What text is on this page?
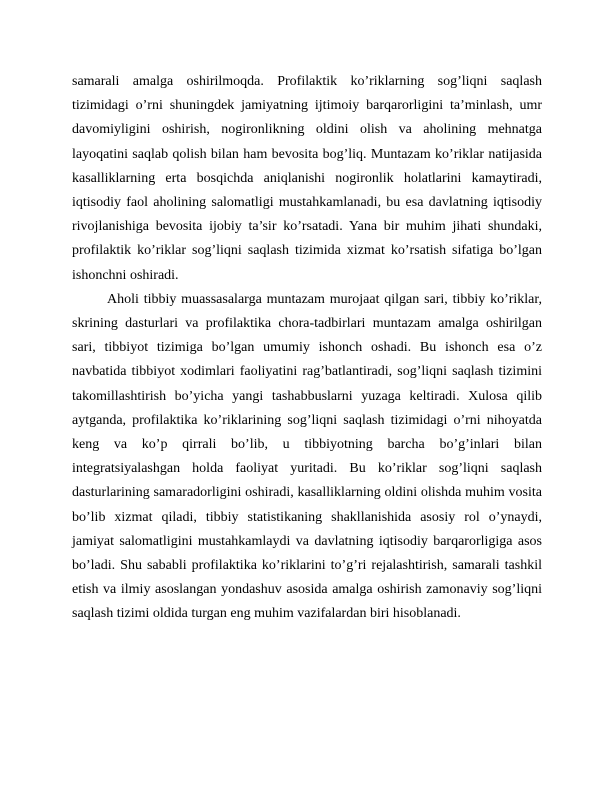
samarali amalga oshirilmoqda. Profilaktik ko’riklarning sog’liqni saqlash tizimidagi o’rni shuningdek jamiyatning ijtimoiy barqarorligini ta’minlash, umr davomiyligini oshirish, nogironlikning oldini olish va aholining mehnatga layoqatini saqlab qolish bilan ham bevosita bog’liq. Muntazam ko’riklar natijasida kasalliklarning erta bosqichda aniqlanishi nogironlik holatlarini kamaytiradi, iqtisodiy faol aholining salomatligi mustahkamlanadi, bu esa davlatning iqtisodiy rivojlanishiga bevosita ijobiy ta’sir ko’rsatadi. Yana bir muhim jihati shundaki, profilaktik ko’riklar sog’liqni saqlash tizimida xizmat ko’rsatish sifatiga bo’lgan ishonchni oshiradi.

Aholi tibbiy muassasalarga muntazam murojaat qilgan sari, tibbiy ko’riklar, skrining dasturlari va profilaktika chora-tadbirlari muntazam amalga oshirilgan sari, tibbiyot tizimiga bo’lgan umumiy ishonch oshadi. Bu ishonch esa o’z navbatida tibbiyot xodimlari faoliyatini rag’batlantiradi, sog’liqni saqlash tizimini takomillashtirish bo’yicha yangi tashabbuslarni yuzaga keltiradi. Xulosa qilib aytganda, profilaktika ko’riklarining sog’liqni saqlash tizimidagi o’rni nihoyatda keng va ko’p qirrali bo’lib, u tibbiyotning barcha bo’g’inlari bilan integratsiyalashgan holda faoliyat yuritadi. Bu ko’riklar sog’liqni saqlash dasturlarining samaradorligini oshiradi, kasalliklarning oldini olishda muhim vosita bo’lib xizmat qiladi, tibbiy statistikaning shakllanishida asosiy rol o’ynaydi, jamiyat salomatligini mustahkamlaydi va davlatning iqtisodiy barqarorligiga asos bo’ladi. Shu sababli profilaktika ko’riklarini to’g’ri rejalashtirish, samarali tashkil etish va ilmiy asoslangan yondashuv asosida amalga oshirish zamonaviy sog’liqni saqlash tizimi oldida turgan eng muhim vazifalardan biri hisoblanadi.
